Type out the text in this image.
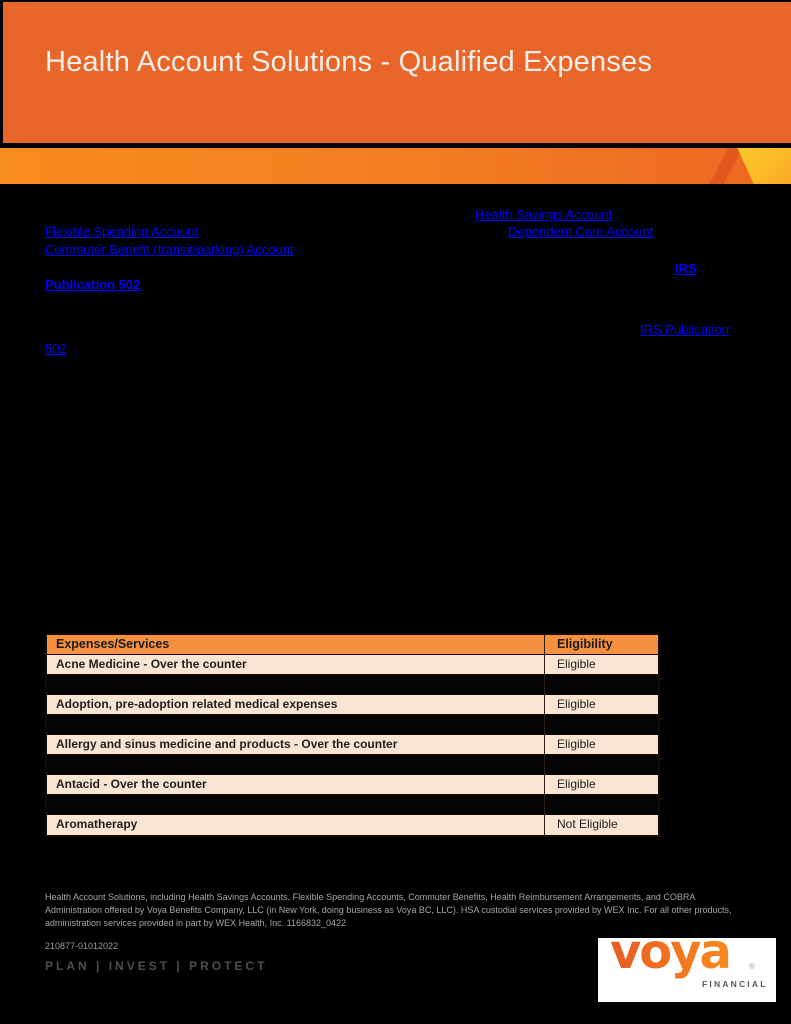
Health Account Solutions - Qualified Expenses
Health Savings Account
Flexible Spending Account	Dependent Care Account
Commuter Benefit (transit/parking) Account
IRS
Publication 502
IRS Publication
502
Expenses/Services	Eligibility
Acne Medicine - Over the counter	Eligible
Adoption, pre-adoption related medical expenses	Eligible
Allergy and sinus medicine and products - Over the counter	Eligible
Antacid - Over the counter	Eligible
Aromatherapy	Not Eligible
Health Account Solutions, including Health Savings Accounts, Flexible Spending Accounts, Commuter Benefits, Health Reimbursement Arrangements, and COBRA
Administration offered by Voya Benefits Company, LLC (in New York, doing business as Voya BC, LLC). HSA custodial services provided by WEX Inc. For all other products,
administration services provided in part by WEX Health, Inc. 1166832_0422
210877-01012022
PLAN | INVEST | PROTECT	voya ®
FINANCIAL
